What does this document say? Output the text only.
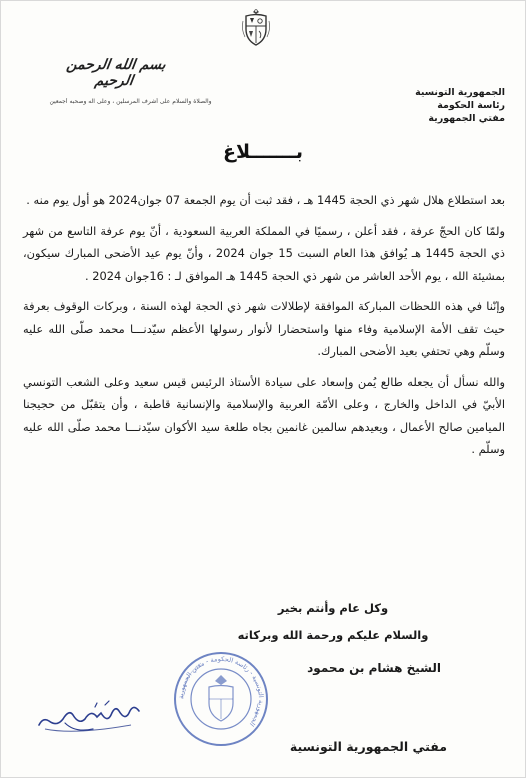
بسم الله الرحمن الرحيم
والصلاة والسلام على أشرف المرسلين ، وعلى آله وصحبه أجمعين
الجمهورية التونسية
رئاسة الحكومة
مفتي الجمهورية
بـــــــلاغ

بعد استطلاع هلال شهر ذي الحجة 1445 هـ ، فقد ثبت أن يوم الجمعة 07 جوان2024 هو أول يوم منه .

ولمّا كان الحجّ عرفة ، فقد أعلن ، رسميًا في المملكة العربية السعودية ، أنّ يوم عرفة التاسع من شهر ذي الحجة 1445 هـ يُوافق هذا العام السبت 15 جوان 2024 ، وأنّ يوم عيد الأضحى المبارك سيكون، بمشيئة الله ، يوم الأحد العاشر من شهر ذي الحجة 1445 هـ الموافق لـ : 16جوان 2024 .

وإنّنا في هذه اللحظات المباركة الموافقة لإطلالات شهر ذي الحجة لهذه السنة ، وبركات الوقوف بعرفة حيث تقف الأمة الإسلامية وفاء منها واستحضارا لأنوار رسولها الأعظم سيّدنـــا محمد صلّى الله عليه وسلّم وهي تحتفي بعيد الأضحى المبارك.

والله نسأل أن يجعله طالع يُمن وإسعاد على سيادة الأستاذ الرئيس قيس سعيد وعلى الشعب التونسي الأبيّ في الداخل والخارج ، وعلى الأمّة العربية والإسلامية والإنسانية قاطبة ، وأن يتقبّل من حجيجنا الميامين صالح الأعمال ، ويعيدهم سالمين غانمين بجاه طلعة سيد الأكوان سيّدنـــا محمد صلّى الله عليه وسلّم .

وكل عام وأنتم بخير
والسلام عليكم ورحمة الله وبركاته
الجمهورية التونسية - رئاسة الحكومة - مفتي الجمهورية
الشيخ هشام بن محمود
مفتي الجمهورية التونسية
